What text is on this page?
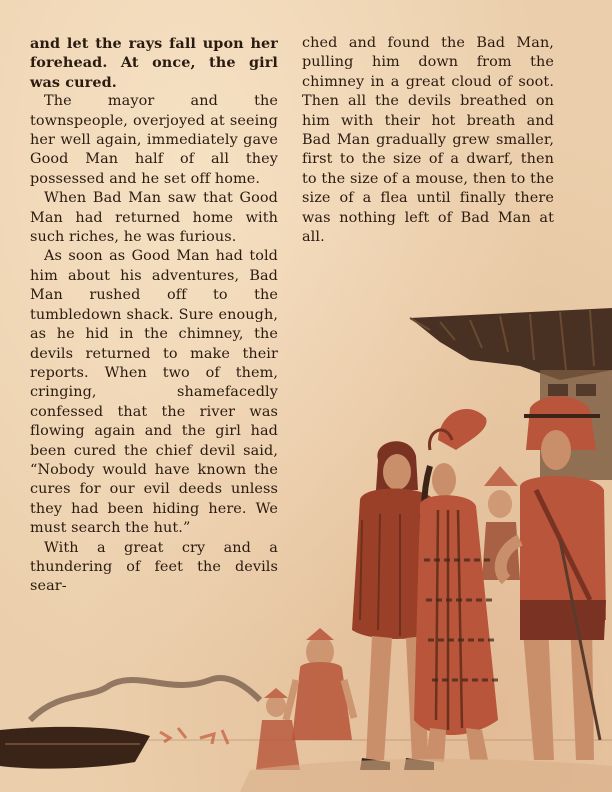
and let the rays fall upon her forehead. At once, the girl was cured.

The mayor and the townspeople, overjoyed at seeing her well again, immediately gave Good Man half of all they possessed and he set off home.

When Bad Man saw that Good Man had returned home with such riches, he was furious.

As soon as Good Man had told him about his adventures, Bad Man rushed off to the tumbledown shack. Sure enough, as he hid in the chimney, the devils returned to make their reports. When two of them, cringing, shamefacedly confessed that the river was flowing again and the girl had been cured the chief devil said, “Nobody would have known the cures for our evil deeds unless they had been hiding here. We must search the hut.”

With a great cry and a thundering of feet the devils sear-

ched and found the Bad Man, pulling him down from the chimney in a great cloud of soot. Then all the devils breathed on him with their hot breath and Bad Man gradually grew smaller, first to the size of a dwarf, then to the size of a mouse, then to the size of a flea until finally there was nothing left of Bad Man at all.
